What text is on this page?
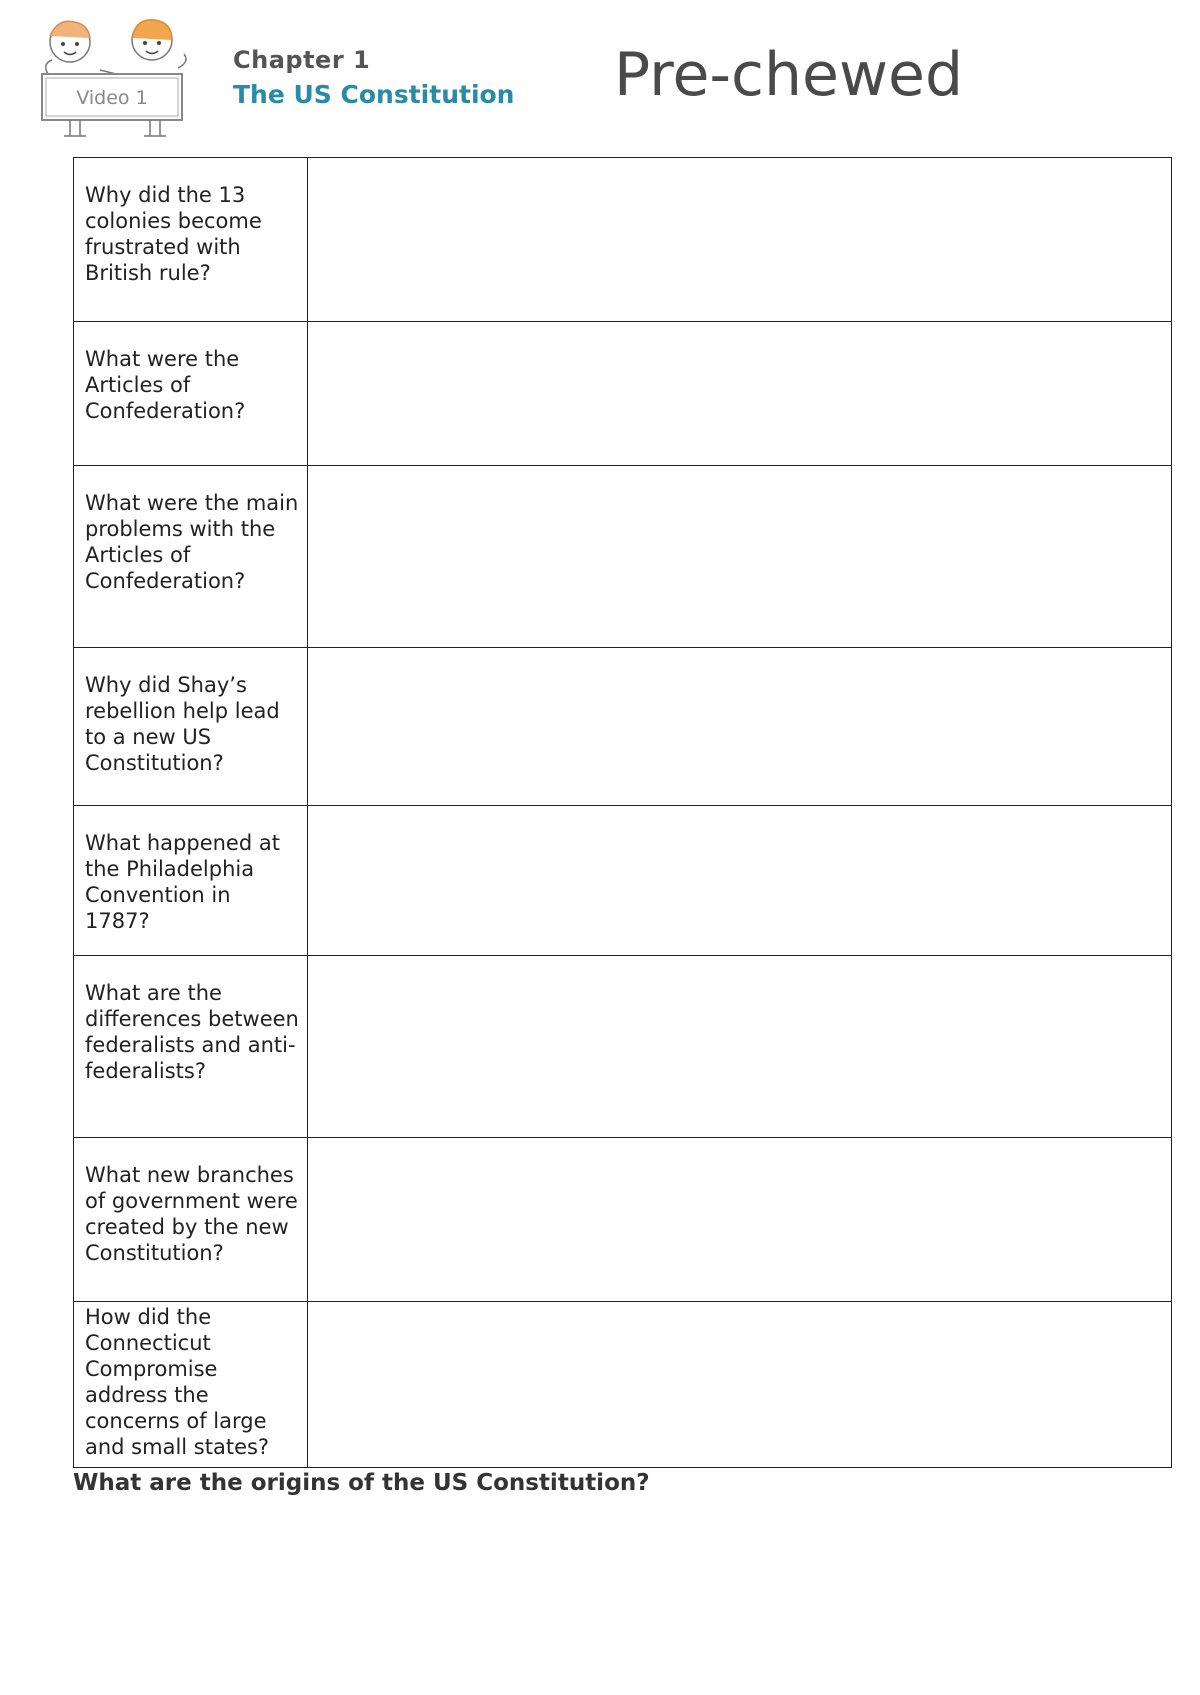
Video 1
Chapter 1
The US Constitution Pre-chewed
Why did the 13 colonies become frustrated with British rule?	

What were the Articles of Confederation?	

What were the main problems with the Articles of Confederation?	

Why did Shay’s rebellion help lead to a new US Constitution?	

What happened at the Philadelphia Convention in 1787?	

What are the differences between federalists and anti-federalists?	

What new branches of government were created by the new Constitution?	

How did the Connecticut Compromise address the concerns of large and small states?	

What are the origins of the US Constitution?
